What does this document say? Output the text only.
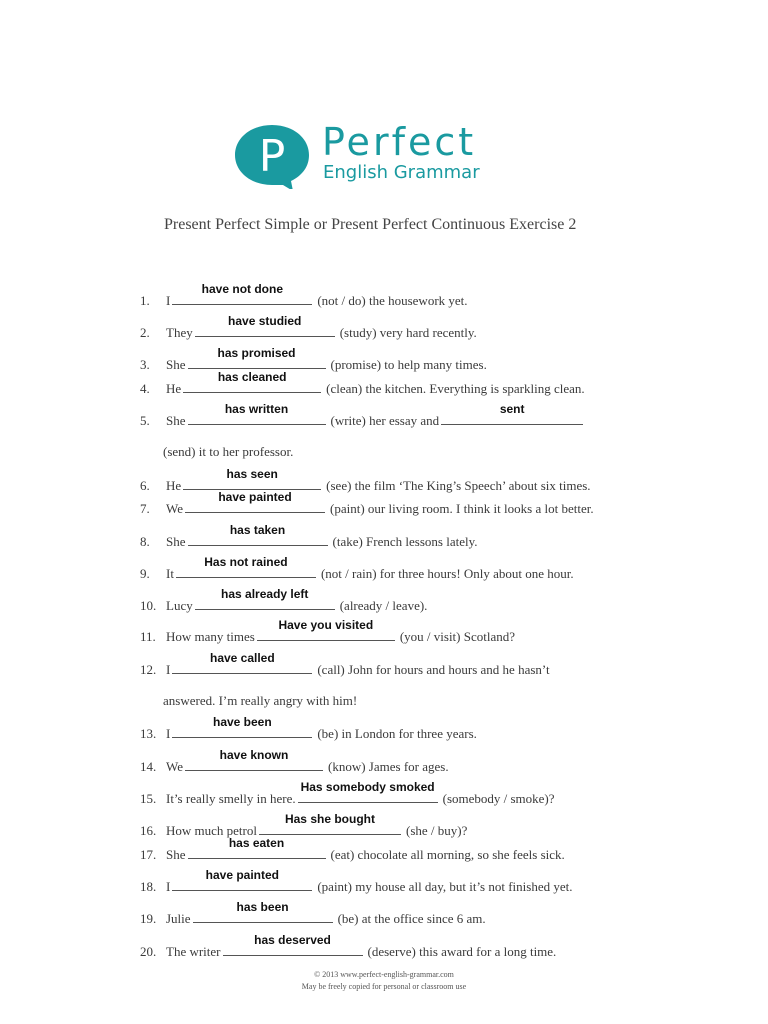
P Perfect
English Grammar
Present Perfect Simple or Present Perfect Continuous Exercise 2
1. I
have not done
(not / do) the housework yet.
2. They
have studied
(study) very hard recently.
3. She
has promised
(promise) to help many times.
4. He
has cleaned
(clean) the kitchen. Everything is sparkling clean.
5. She
has written
(write) her essay and
sent
(send) it to her professor.
6. He
has seen
(see) the film ‘The King’s Speech’ about six times.
7. We
have painted
(paint) our living room. I think it looks a lot better.
8. She
has taken
(take) French lessons lately.
9. It
Has not rained
(not / rain) for three hours! Only about one hour.
10. Lucy
has already left
(already / leave).
11. How many times
Have you visited
(you / visit) Scotland?
12. I
have called
(call) John for hours and hours and he hasn’t
answered. I’m really angry with him!
13. I
have been
(be) in London for three years.
14. We
have known
(know) James for ages.
15. It’s really smelly in here.
Has somebody smoked
(somebody / smoke)?
16. How much petrol
Has she bought
(she / buy)?
17. She
has eaten
(eat) chocolate all morning, so she feels sick.
18. I
have painted
(paint) my house all day, but it’s not finished yet.
19. Julie
has been
(be) at the office since 6 am.
20. The writer
has deserved
(deserve) this award for a long time.
© 2013 www.perfect-english-grammar.com
May be freely copied for personal or classroom use
